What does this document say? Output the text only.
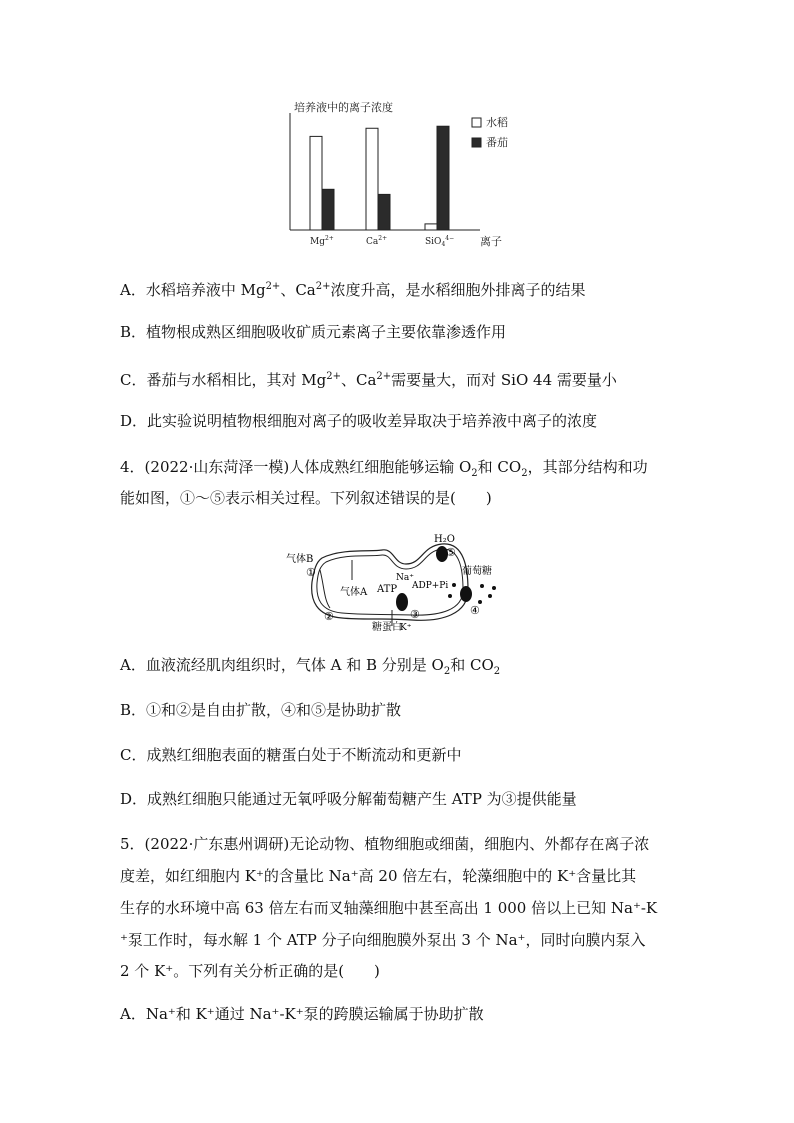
培养液中的离子浓度
离子
$Mg^{2+}$	$Ca^{2+}$	SiO$_4^{4-}$
水稻
番茄
A．水稻培养液中 $Mg^{2+}$、$Ca^{2+}$浓度升高，是水稻细胞外排离子的结果
B．植物根成熟区细胞吸收矿质元素离子主要依靠渗透作用
C．番茄与水稻相比，其对 $Mg^{2+}$、$Ca^{2+}$需要量大，而对 SiO 44 需要量小
D．此实验说明植物根细胞对离子的吸收差异取决于培养液中离子的浓度
4．(2022·山东菏泽一模)人体成熟红细胞能够运输 $O_2$和 $CO_2$，其部分结构和功
能如图，①～⑤表示相关过程。下列叙述错误的是(　　)
气体B
①
气体A
②
糖蛋白
Na⁺
ATP ADP+Pi
③
K⁺
H₂O
⑤
葡萄糖
④
A．血液流经肌肉组织时，气体 A 和 B 分别是 $O_2$和 $CO_2$
B．①和②是自由扩散，④和⑤是协助扩散
C．成熟红细胞表面的糖蛋白处于不断流动和更新中
D．成熟红细胞只能通过无氧呼吸分解葡萄糖产生 ATP 为③提供能量
5．(2022·广东惠州调研)无论动物、植物细胞或细菌，细胞内、外都存在离子浓
度差，如红细胞内 K⁺的含量比 Na⁺高 20 倍左右，轮藻细胞中的 K⁺含量比其
生存的水环境中高 63 倍左右而叉轴藻细胞中甚至高出 1 000 倍以上已知 Na⁺-K
⁺泵工作时，每水解 1 个 ATP 分子向细胞膜外泵出 3 个 Na⁺，同时向膜内泵入
2 个 K⁺。下列有关分析正确的是(　　)
A．Na⁺和 K⁺通过 Na⁺-K⁺泵的跨膜运输属于协助扩散
